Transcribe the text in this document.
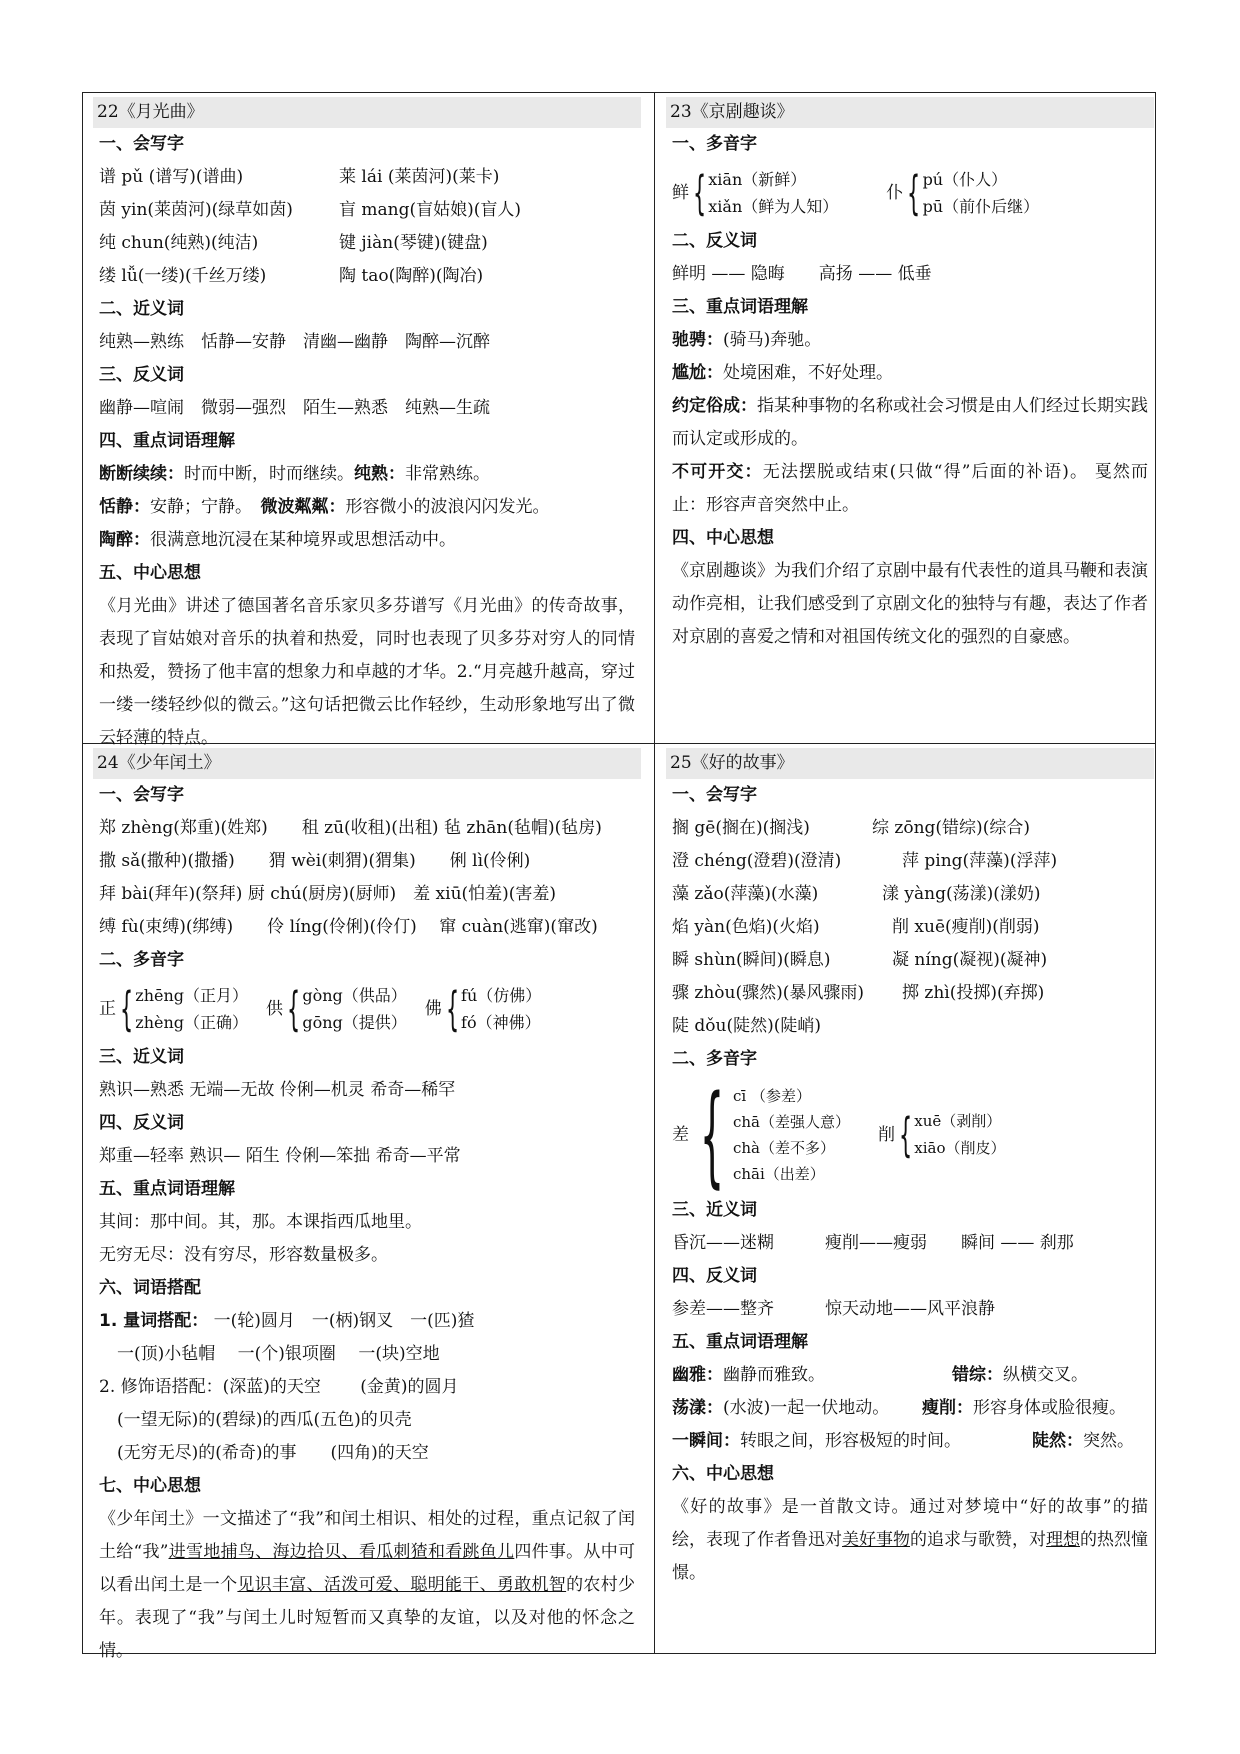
22《月光曲》
一、会写字
谱 pǔ (谱写)(谱曲)	莱 lái (莱茵河)(莱卡)
茵 yin(莱茵河)(绿草如茵)	盲 mang(盲姑娘)(盲人)
纯 chun(纯熟)(纯洁)	键 jiàn(琴键)(键盘)
缕 lǚ(一缕)(千丝万缕)	陶 tao(陶醉)(陶冶)
二、近义词
纯熟—熟练　恬静—安静　清幽—幽静　陶醉—沉醉
三、反义词
幽静—喧闹　微弱—强烈　陌生—熟悉　纯熟—生疏
四、重点词语理解
断断续续：时而中断，时而继续。纯熟：非常熟练。
恬静：安静；宁静。　微波粼粼：形容微小的波浪闪闪发光。
陶醉：很满意地沉浸在某种境界或思想活动中。
五、中心思想
《月光曲》讲述了德国著名音乐家贝多芬谱写《月光曲》的传奇故事，表现了盲姑娘对音乐的执着和热爱，同时也表现了贝多芬对穷人的同情和热爱，赞扬了他丰富的想象力和卓越的才华。2.“月亮越升越高，穿过一缕一缕轻纱似的微云。”这句话把微云比作轻纱，生动形象地写出了微云轻薄的特点。
23《京剧趣谈》
一、多音字
鲜 { xiān（新鲜）
xiǎn（鲜为人知）
仆 { pú（仆人）
pū（前仆后继）
二、反义词
鲜明 —— 隐晦　　高扬 —— 低垂
三、重点词语理解
驰骋：(骑马)奔驰。
尴尬：处境困难，不好处理。
约定俗成：指某种事物的名称或社会习惯是由人们经过长期实践而认定或形成的。
不可开交：无法摆脱或结束(只做“得”后面的补语)。 戛然而止：形容声音突然中止。
四、中心思想
《京剧趣谈》为我们介绍了京剧中最有代表性的道具马鞭和表演动作亮相，让我们感受到了京剧文化的独特与有趣，表达了作者对京剧的喜爱之情和对祖国传统文化的强烈的自豪感。
24《少年闰土》
一、会写字
郑 zhèng(郑重)(姓郑)　　租 zū(收租)(出租) 毡 zhān(毡帽)(毡房)
撒 sǎ(撒种)(撒播)　　猬 wèi(刺猬)(猬集)　　俐 lì(伶俐)
拜 bài(拜年)(祭拜) 厨 chú(厨房)(厨师)　羞 xiū(怕羞)(害羞)
缚 fù(束缚)(绑缚)　　伶 líng(伶俐)(伶仃)　 窜 cuàn(逃窜)(窜改)
二、多音字
正 { zhēng（正月）
zhèng（正确）
供 { gòng（供品）
gōng（提供）
佛 { fú（仿佛）
fó（神佛）
三、近义词
熟识—熟悉 无端—无故 伶俐—机灵 希奇—稀罕
四、反义词
郑重—轻率 熟识— 陌生 伶俐—笨拙 希奇—平常
五、重点词语理解
其间：那中间。其，那。本课指西瓜地里。
无穷无尽：没有穷尽，形容数量极多。
六、词语搭配
1. 量词搭配： 一(轮)圆月　一(柄)钢叉　一(匹)猹
一(顶)小毡帽　 一(个)银项圈　 一(块)空地
2. 修饰语搭配：(深蓝)的天空　　 (金黄)的圆月
(一望无际)的(碧绿)的西瓜(五色)的贝壳
(无穷无尽)的(希奇)的事　　(四角)的天空
七、中心思想
《少年闰土》一文描述了“我”和闰土相识、相处的过程，重点记叙了闰土给“我”进雪地捕鸟、海边拾贝、看瓜刺猹和看跳鱼儿四件事。从中可以看出闰土是一个见识丰富、活泼可爱、聪明能干、勇敢机智的农村少年。表现了“我”与闰土儿时短暂而又真挚的友谊，以及对他的怀念之情。
25《好的故事》
一、会写字
搁 gē(搁在)(搁浅)	综 zōng(错综)(综合)
澄 chéng(澄碧)(澄清)	萍 ping(萍藻)(浮萍)
藻 zǎo(萍藻)(水藻)	漾 yàng(荡漾)(漾奶)
焰 yàn(色焰)(火焰)	削 xuē(瘦削)(削弱)
瞬 shùn(瞬间)(瞬息)	凝 níng(凝视)(凝神)
骤 zhòu(骤然)(暴风骤雨)	掷 zhì(投掷)(弃掷)
陡 dǒu(陡然)(陡峭)
二、多音字
差 { cī （参差）
chā（差强人意）
chà（差不多）
chāi（出差）
削 { xuē（剥削）
xiāo（削皮）
三、近义词
昏沉——迷糊　　　瘦削——瘦弱　　瞬间 —— 刹那
四、反义词
参差——整齐　　　惊天动地——风平浪静
五、重点词语理解
幽雅：幽静而雅致。	错综：纵横交叉。
荡漾：(水波)一起一伏地动。	瘦削：形容身体或脸很瘦。
一瞬间：转眼之间，形容极短的时间。	陡然：突然。
六、中心思想
《好的故事》是一首散文诗。通过对梦境中“好的故事”的描绘，表现了作者鲁迅对美好事物的追求与歌赞，对理想的热烈憧憬。
